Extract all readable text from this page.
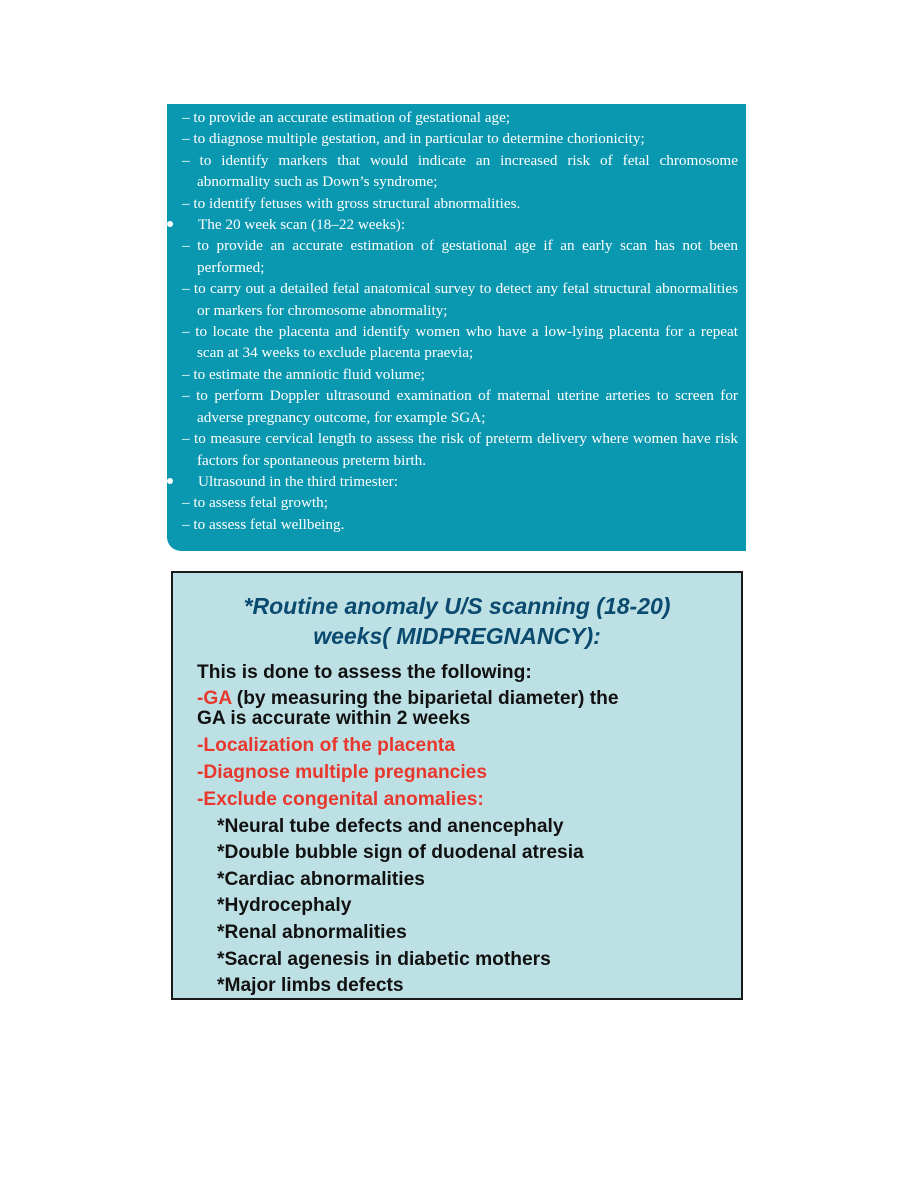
– to provide an accurate estimation of gestational age;
– to diagnose multiple gestation, and in particular to determine chorionicity;
– to identify markers that would indicate an increased risk of fetal chromosome abnormality such as Down’s syndrome;
– to identify fetuses with gross structural abnormalities.
The 20 week scan (18–22 weeks):
– to provide an accurate estimation of gestational age if an early scan has not been performed;
– to carry out a detailed fetal anatomical survey to detect any fetal structural abnormalities or markers for chromosome abnormality;
– to locate the placenta and identify women who have a low-lying placenta for a repeat scan at 34 weeks to exclude placenta praevia;
– to estimate the amniotic fluid volume;
– to perform Doppler ultrasound examination of maternal uterine arteries to screen for adverse pregnancy outcome, for example SGA;
– to measure cervical length to assess the risk of preterm delivery where women have risk factors for spontaneous preterm birth.
Ultrasound in the third trimester:
– to assess fetal growth;
– to assess fetal wellbeing.
*Routine anomaly U/S scanning (18-20)
weeks( MIDPREGNANCY):
This is done to assess the following:
-GA (by measuring the biparietal diameter) the
GA is accurate within 2 weeks
-Localization of the placenta
-Diagnose multiple pregnancies
-Exclude congenital anomalies:
*Neural tube defects and anencephaly
*Double bubble sign of duodenal atresia
*Cardiac abnormalities
*Hydrocephaly
*Renal abnormalities
*Sacral agenesis in diabetic mothers
*Major limbs defects
